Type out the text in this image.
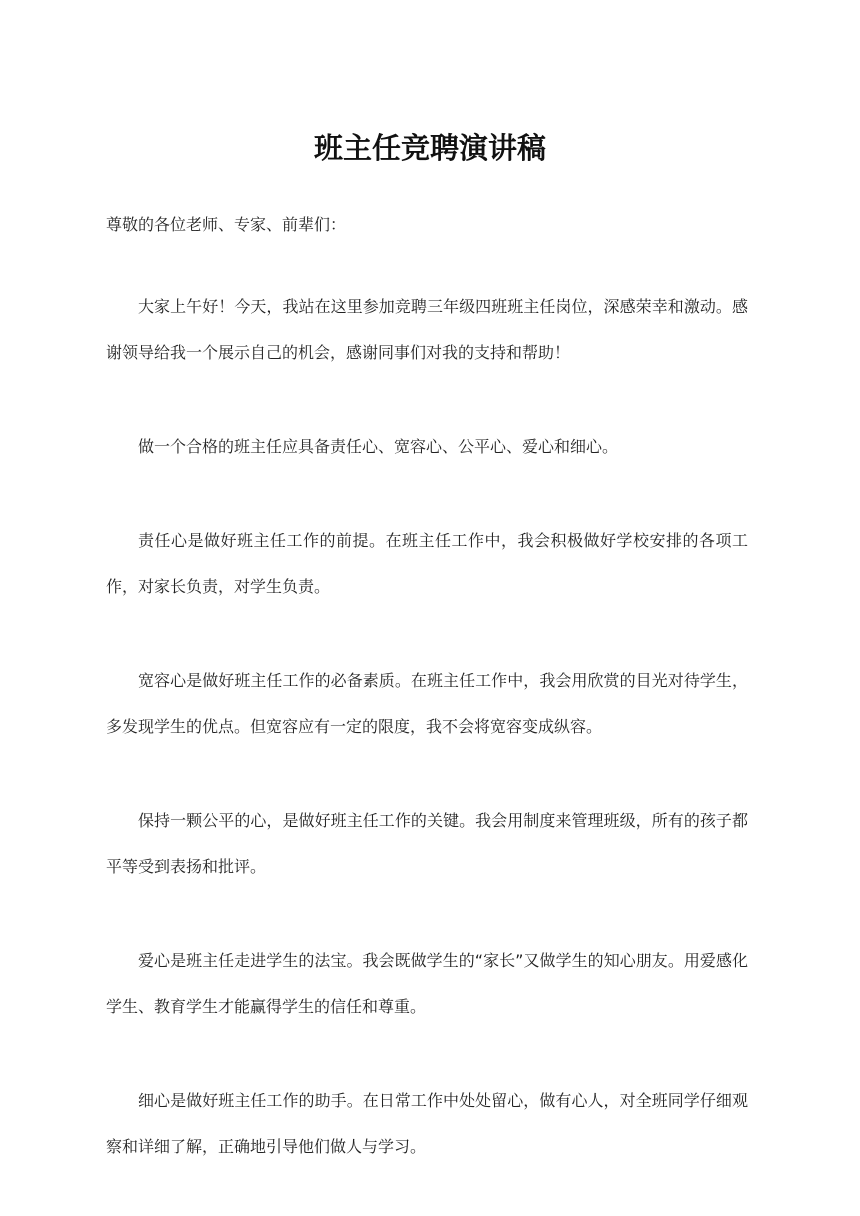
班主任竞聘演讲稿

尊敬的各位老师、专家、前辈们：

大家上午好！今天，我站在这里参加竞聘三年级四班班主任岗位，深感荣幸和激动。感谢领导给我一个展示自己的机会，感谢同事们对我的支持和帮助！

做一个合格的班主任应具备责任心、宽容心、公平心、爱心和细心。

责任心是做好班主任工作的前提。在班主任工作中，我会积极做好学校安排的各项工作，对家长负责，对学生负责。

宽容心是做好班主任工作的必备素质。在班主任工作中，我会用欣赏的目光对待学生，多发现学生的优点。但宽容应有一定的限度，我不会将宽容变成纵容。

保持一颗公平的心，是做好班主任工作的关键。我会用制度来管理班级，所有的孩子都平等受到表扬和批评。

爱心是班主任走进学生的法宝。我会既做学生的“家长”又做学生的知心朋友。用爱感化学生、教育学生才能赢得学生的信任和尊重。

细心是做好班主任工作的助手。在日常工作中处处留心，做有心人，对全班同学仔细观察和详细了解，正确地引导他们做人与学习。
